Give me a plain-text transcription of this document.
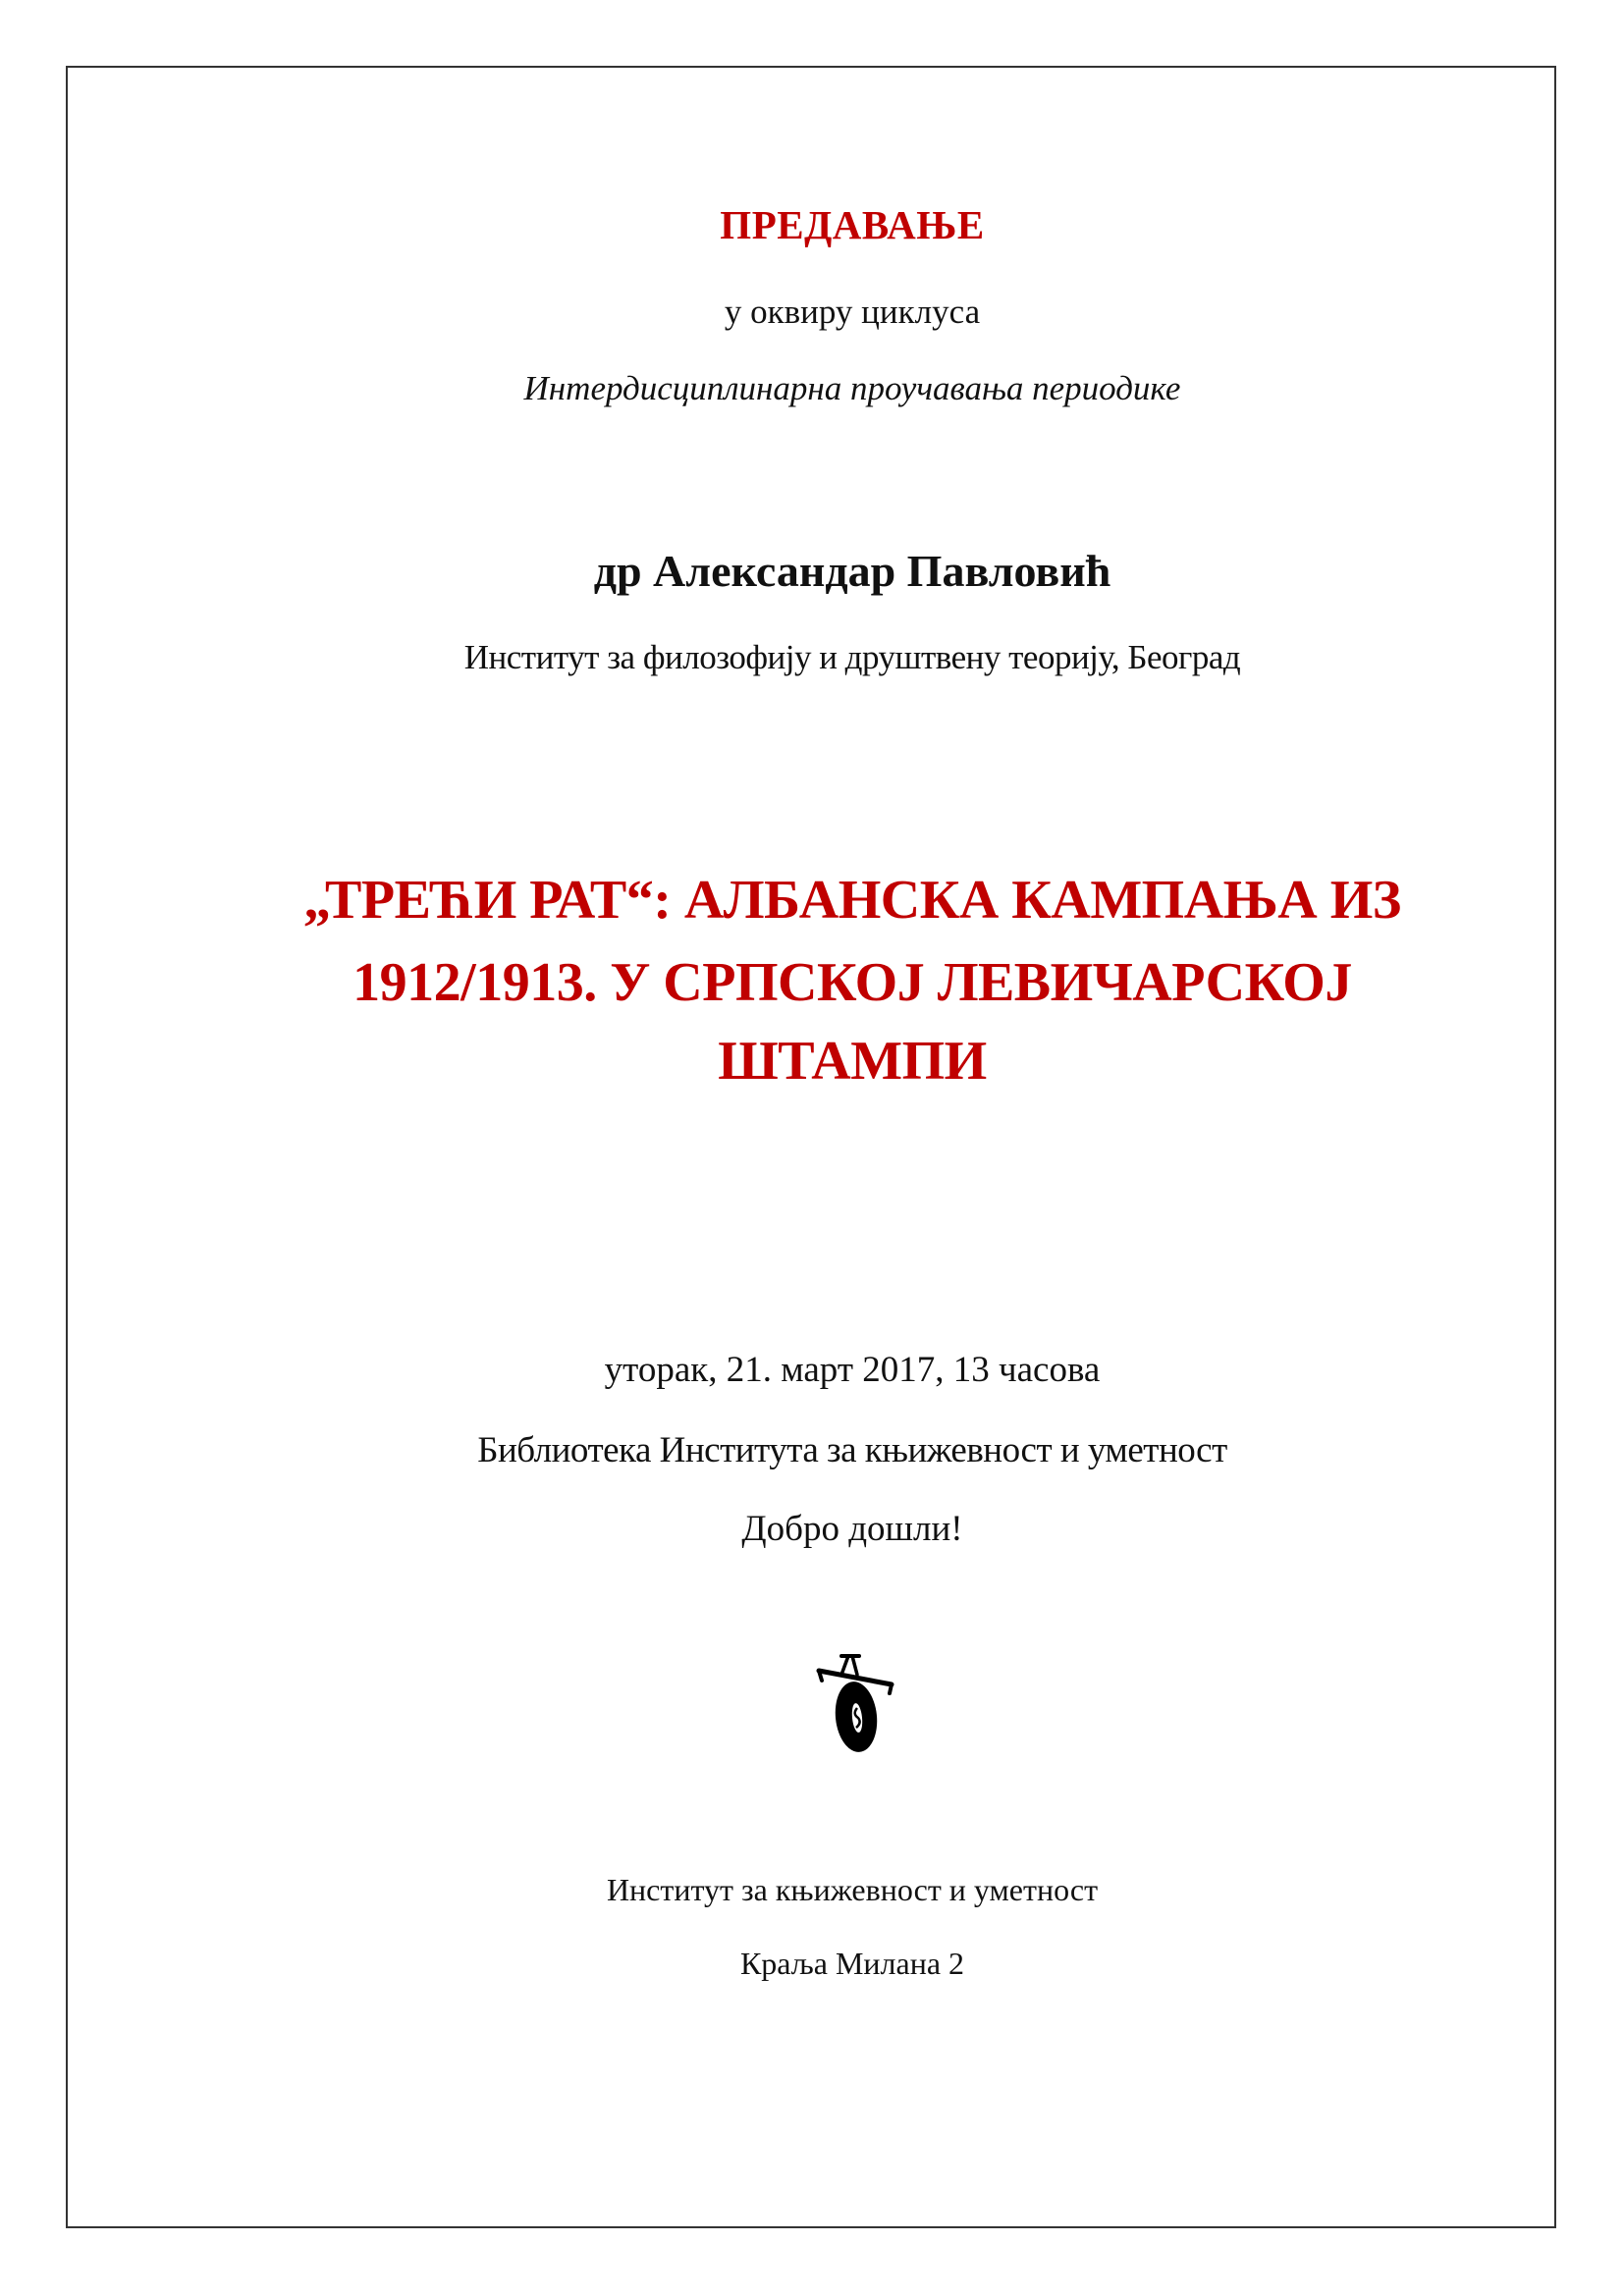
ПРЕДАВАЊЕ
у оквиру циклуса
Интердисциплинарна проучавања периодике
др Александар Павловић
Институт за филозофију и друштвену теорију, Београд
„ТРЕЋИ РАТ“: АЛБАНСКА КАМПАЊА ИЗ
1912/1913. У СРПСКОЈ ЛЕВИЧАРСКОЈ
ШТАМПИ
уторак, 21. март 2017, 13 часова
Библиотека Института за књижевност и уметност
Добро дошли!
Институт за књижевност и уметност
Краља Милана 2
